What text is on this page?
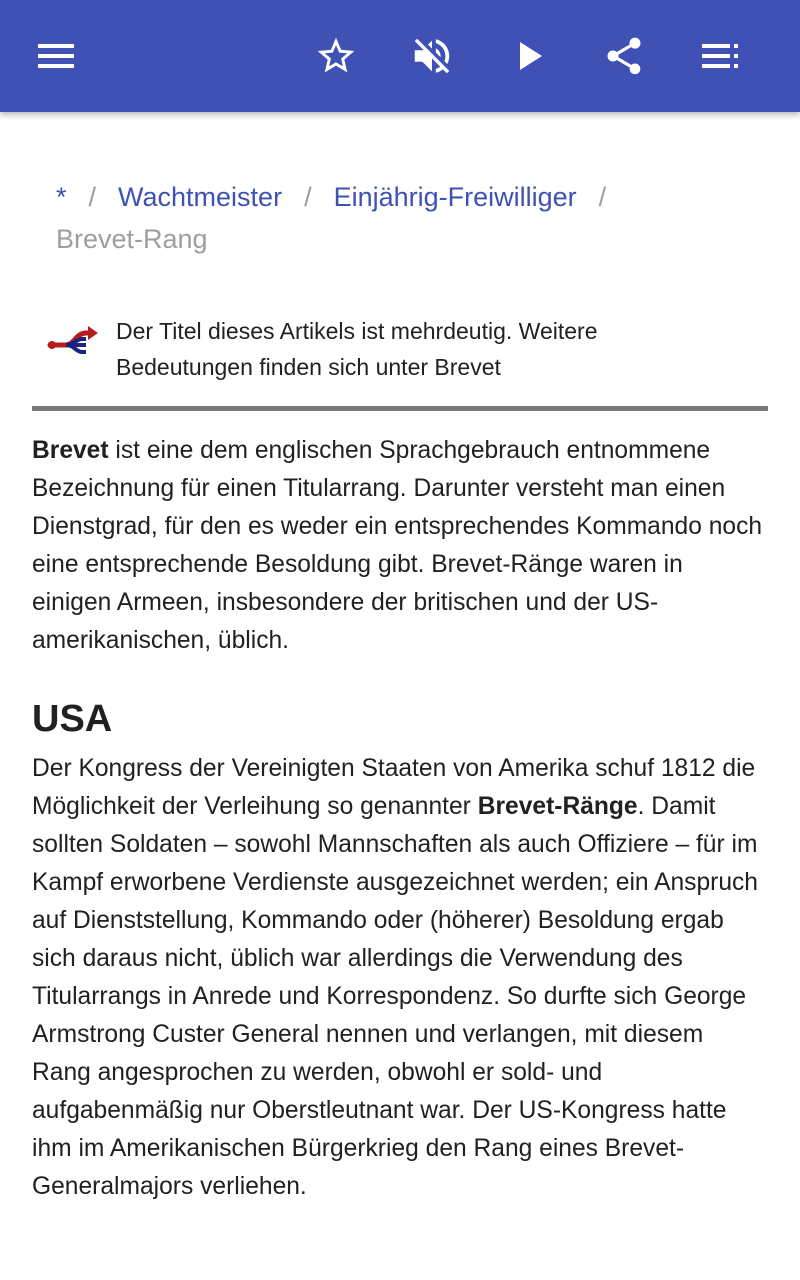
* / Wachtmeister / Einjährig-Freiwilliger /
Brevet-Rang
Der Titel dieses Artikels ist mehrdeutig. Weitere Bedeutungen finden sich unter Brevet

Brevet ist eine dem englischen Sprachgebrauch entnommene Bezeichnung für einen Titularrang. Darunter versteht man einen Dienstgrad, für den es weder ein entsprechendes Kommando noch eine entsprechende Besoldung gibt. Brevet-Ränge waren in einigen Armeen, insbesondere der britischen und der US-amerikanischen, üblich.

USA

Der Kongress der Vereinigten Staaten von Amerika schuf 1812 die Möglichkeit der Verleihung so genannter Brevet-Ränge. Damit sollten Soldaten – sowohl Mannschaften als auch Offiziere – für im Kampf erworbene Verdienste ausgezeichnet werden; ein Anspruch auf Dienststellung, Kommando oder (höherer) Besoldung ergab sich daraus nicht, üblich war allerdings die Verwendung des Titularrangs in Anrede und Korrespondenz. So durfte sich George Armstrong Custer General nennen und verlangen, mit diesem Rang angesprochen zu werden, obwohl er sold- und aufgabenmäßig nur Oberstleutnant war. Der US-Kongress hatte ihm im Amerikanischen Bürgerkrieg den Rang eines Brevet-Generalmajors verliehen.
